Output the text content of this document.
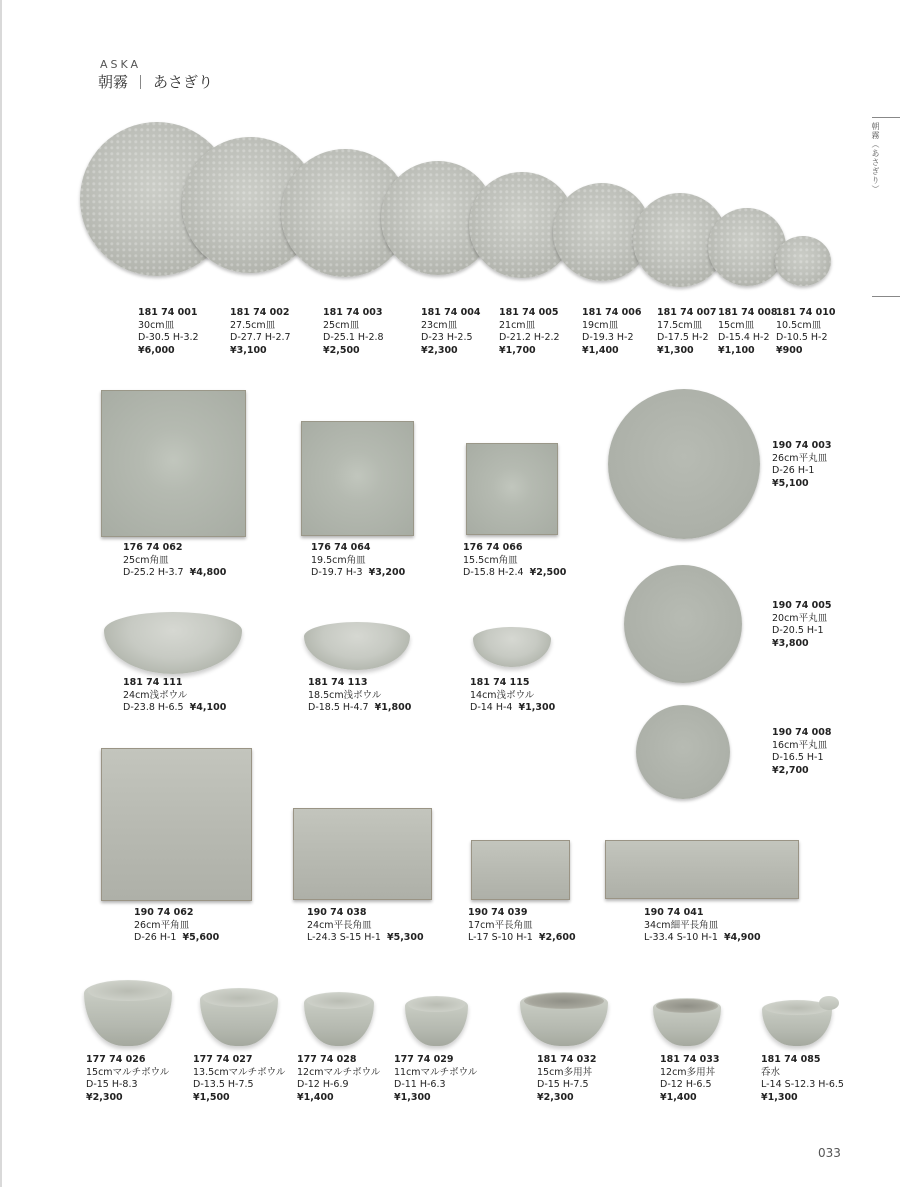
ASKA
朝霧 あさぎり
朝霧（あさぎり）
181 74 001
30cm皿
D-30.5 H-3.2
¥6,000
181 74 002
27.5cm皿
D-27.7 H-2.7
¥3,100
181 74 003
25cm皿
D-25.1 H-2.8
¥2,500
181 74 004
23cm皿
D-23 H-2.5
¥2,300
181 74 005
21cm皿
D-21.2 H-2.2
¥1,700
181 74 006
19cm皿
D-19.3 H-2
¥1,400
181 74 007
17.5cm皿
D-17.5 H-2
¥1,300
181 74 008
15cm皿
D-15.4 H-2
¥1,100
181 74 010
10.5cm皿
D-10.5 H-2
¥900
176 74 062
25cm角皿
D-25.2 H-3.7 ¥4,800
176 74 064
19.5cm角皿
D-19.7 H-3 ¥3,200
176 74 066
15.5cm角皿
D-15.8 H-2.4 ¥2,500
190 74 003
26cm平丸皿
D-26 H-1
¥5,100
190 74 005
20cm平丸皿
D-20.5 H-1
¥3,800
190 74 008
16cm平丸皿
D-16.5 H-1
¥2,700
181 74 111
24cm浅ボウル
D-23.8 H-6.5 ¥4,100
181 74 113
18.5cm浅ボウル
D-18.5 H-4.7 ¥1,800
181 74 115
14cm浅ボウル
D-14 H-4 ¥1,300
190 74 062
26cm平角皿
D-26 H-1 ¥5,600
190 74 038
24cm平長角皿
L-24.3 S-15 H-1 ¥5,300
190 74 039
17cm平長角皿
L-17 S-10 H-1 ¥2,600
190 74 041
34cm細平長角皿
L-33.4 S-10 H-1 ¥4,900
177 74 026
15cmマルチボウル
D-15 H-8.3
¥2,300
177 74 027
13.5cmマルチボウル
D-13.5 H-7.5
¥1,500
177 74 028
12cmマルチボウル
D-12 H-6.9
¥1,400
177 74 029
11cmマルチボウル
D-11 H-6.3
¥1,300
181 74 032
15cm多用丼
D-15 H-7.5
¥2,300
181 74 033
12cm多用丼
D-12 H-6.5
¥1,400
181 74 085
呑水
L-14 S-12.3 H-6.5
¥1,300
033
